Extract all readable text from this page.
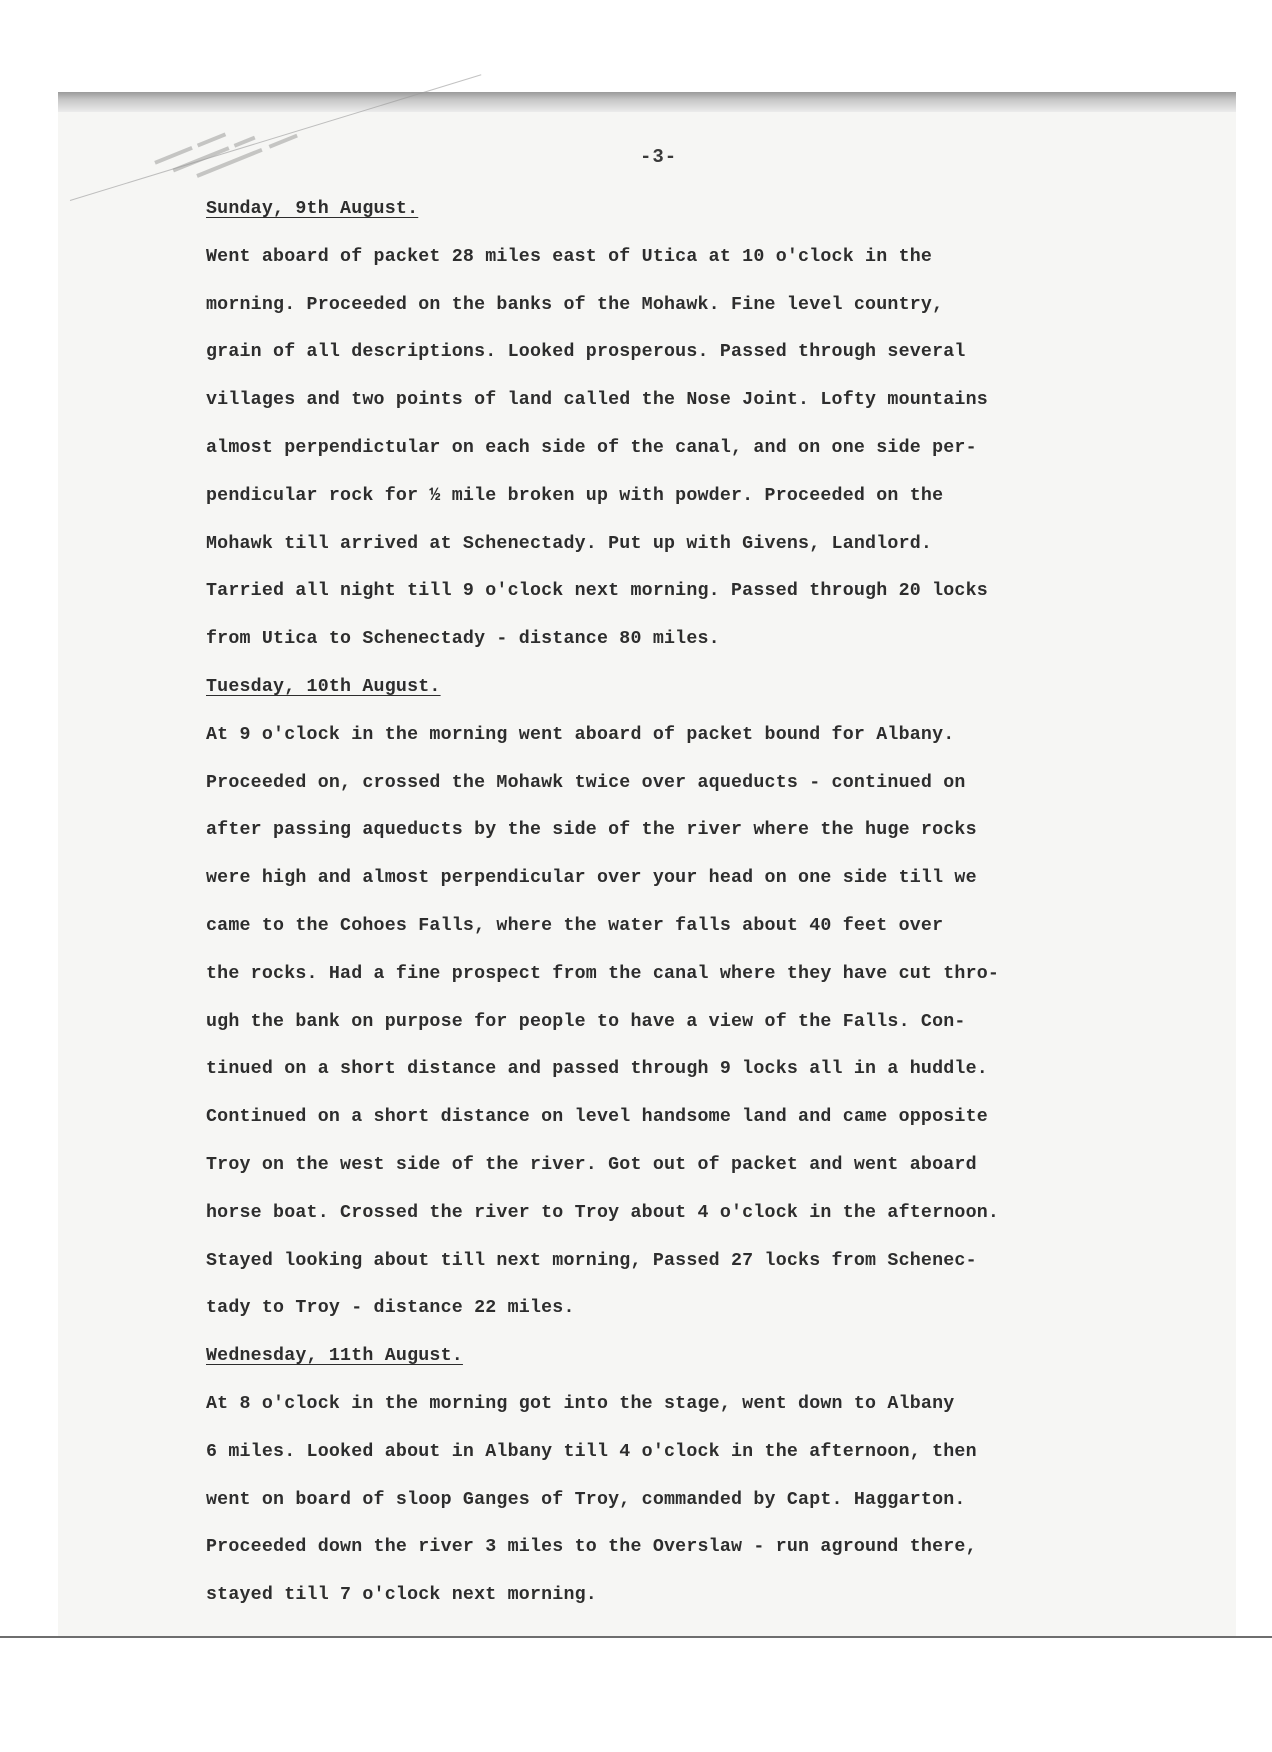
-3-
Sunday, 9th August.
Went aboard of packet 28 miles east of Utica at 10 o'clock in the
morning. Proceeded on the banks of the Mohawk. Fine level country,
grain of all descriptions. Looked prosperous. Passed through several
villages and two points of land called the Nose Joint. Lofty mountains
almost perpendictular on each side of the canal, and on one side per-
pendicular rock for ½ mile broken up with powder. Proceeded on the
Mohawk till arrived at Schenectady. Put up with Givens, Landlord.
Tarried all night till 9 o'clock next morning. Passed through 20 locks
from Utica to Schenectady - distance 80 miles.
Tuesday, 10th August.
At 9 o'clock in the morning went aboard of packet bound for Albany.
Proceeded on, crossed the Mohawk twice over aqueducts - continued on
after passing aqueducts by the side of the river where the huge rocks
were high and almost perpendicular over your head on one side till we
came to the Cohoes Falls, where the water falls about 40 feet over
the rocks. Had a fine prospect from the canal where they have cut thro-
ugh the bank on purpose for people to have a view of the Falls. Con-
tinued on a short distance and passed through 9 locks all in a huddle.
Continued on a short distance on level handsome land and came opposite
Troy on the west side of the river. Got out of packet and went aboard
horse boat. Crossed the river to Troy about 4 o'clock in the afternoon.
Stayed looking about till next morning, Passed 27 locks from Schenec-
tady to Troy - distance 22 miles.
Wednesday, 11th August.
At 8 o'clock in the morning got into the stage, went down to Albany
6 miles. Looked about in Albany till 4 o'clock in the afternoon, then
went on board of sloop Ganges of Troy, commanded by Capt. Haggarton.
Proceeded down the river 3 miles to the Overslaw - run aground there,
stayed till 7 o'clock next morning.
